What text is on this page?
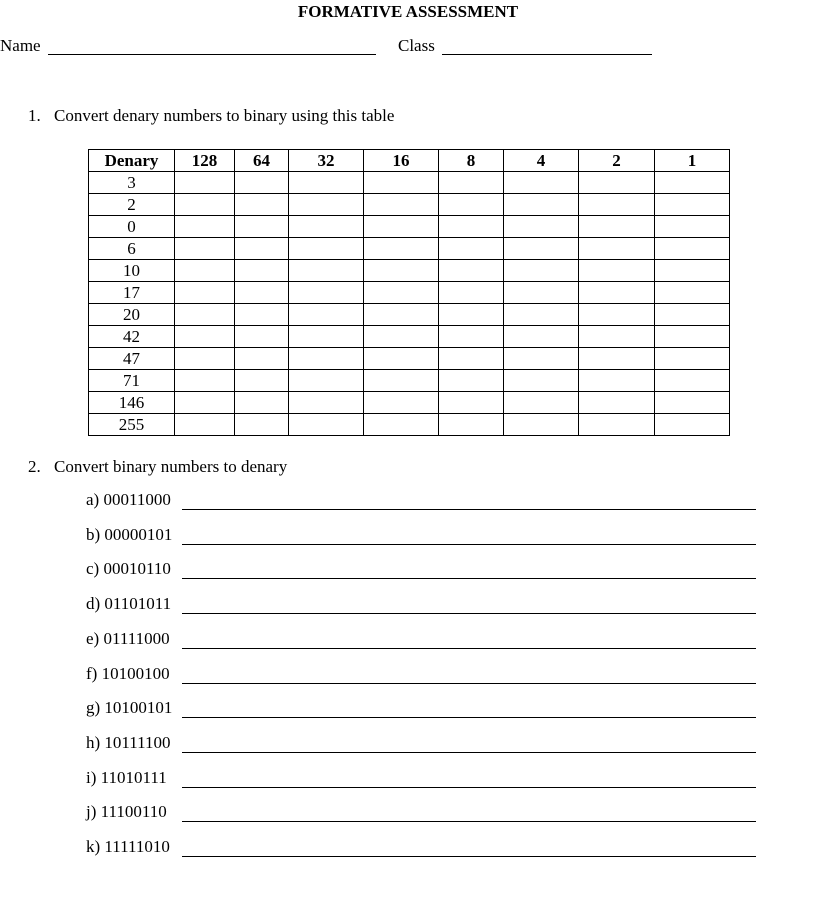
FORMATIVE ASSESSMENT
Name	Class
1. Convert denary numbers to binary using this table
Denary	128	64	32	16	8	4	2	1
3								
2								
0								
6								
10								
17								
20								
42								
47								
71								
146								
255								
2. Convert binary numbers to denary
a) 00011000
b) 00000101
c) 00010110
d) 01101011
e) 01111000
f) 10100100
g) 10100101
h) 10111100
i) 11010111
j) 11100110
k) 11111010
